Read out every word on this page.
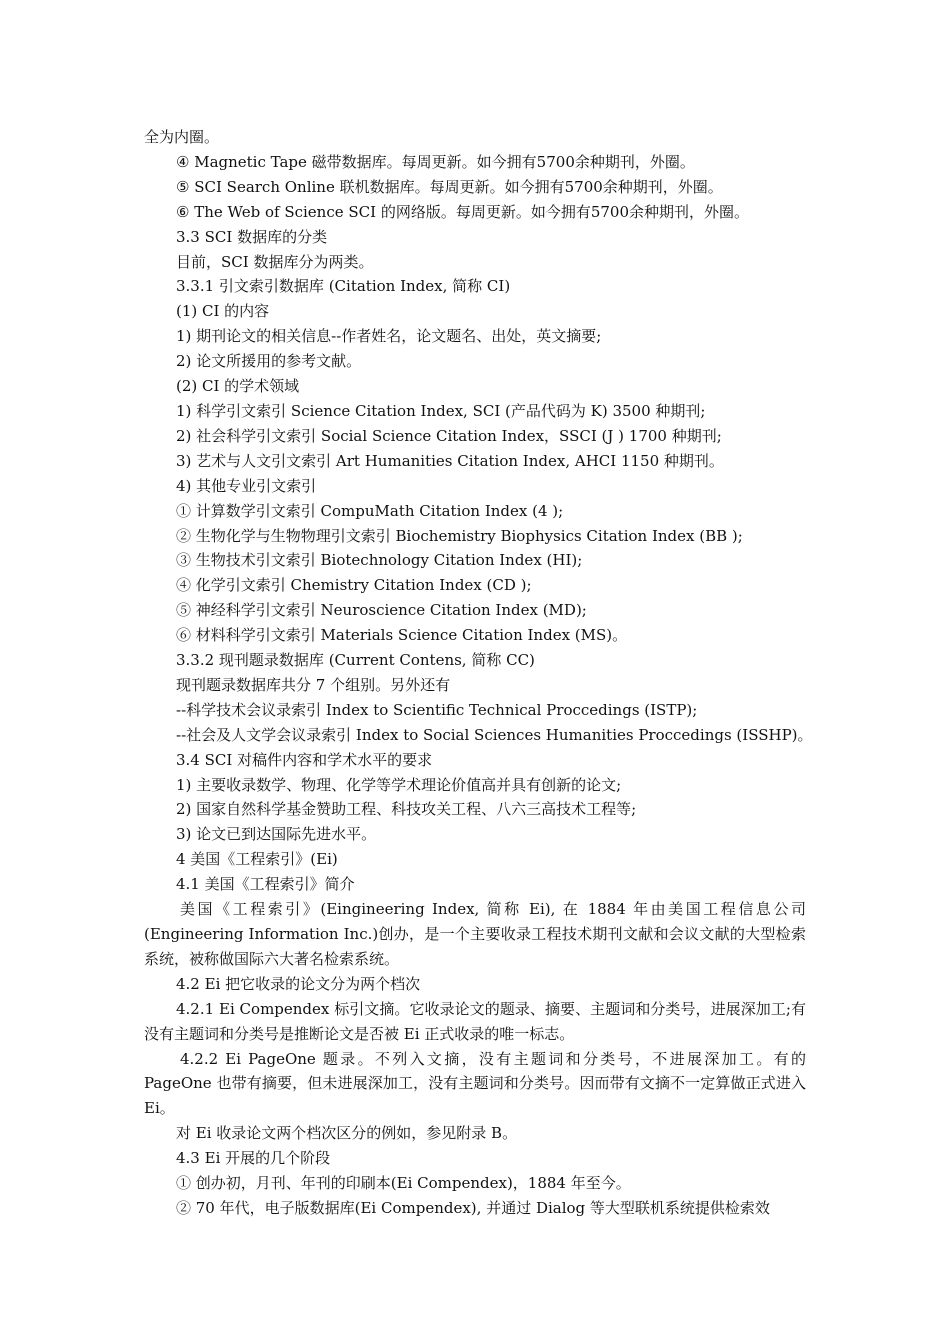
全为内圈。

④ Magnetic Tape 磁带数据库。每周更新。如今拥有5700余种期刊，外圈。

⑤ SCI Search Online 联机数据库。每周更新。如今拥有5700余种期刊，外圈。

⑥ The Web of Science SCI 的网络版。每周更新。如今拥有5700余种期刊，外圈。

3.3 SCI 数据库的分类

目前，SCI 数据库分为两类。

3.3.1 引文索引数据库 (Citation Index, 简称 CI)

(1) CI 的内容

1) 期刊论文的相关信息--作者姓名，论文题名、出处，英文摘要;

2) 论文所援用的参考文献。

(2) CI 的学术领域

1) 科学引文索引 Science Citation Index, SCI (产品代码为 K) 3500 种期刊;

2) 社会科学引文索引 Social Science Citation Index，SSCI (J ) 1700 种期刊;

3) 艺术与人文引文索引 Art Humanities Citation Index, AHCI 1150 种期刊。

4) 其他专业引文索引

① 计算数学引文索引 CompuMath Citation Index (4 );

② 生物化学与生物物理引文索引 Biochemistry Biophysics Citation Index (BB );

③ 生物技术引文索引 Biotechnology Citation Index (HI);

④ 化学引文索引 Chemistry Citation Index (CD );

⑤ 神经科学引文索引 Neuroscience Citation Index (MD);

⑥ 材料科学引文索引 Materials Science Citation Index (MS)。

3.3.2 现刊题录数据库 (Current Contens, 简称 CC)

现刊题录数据库共分 7 个组别。另外还有

--科学技术会议录索引 Index to Scientific Technical Proccedings (ISTP);

--社会及人文学会议录索引 Index to Social Sciences Humanities Proccedings (ISSHP)。

3.4 SCI 对稿件内容和学术水平的要求

1) 主要收录数学、物理、化学等学术理论价值高并具有创新的论文;

2) 国家自然科学基金赞助工程、科技攻关工程、八六三高技术工程等;

3) 论文已到达国际先进水平。

4 美国《工程索引》(Ei)

4.1 美国《工程索引》简介

美国《工程索引》(Eingineering Index, 简称 Ei), 在 1884 年由美国工程信息公司(Engineering Information Inc.)创办，是一个主要收录工程技术期刊文献和会议文献的大型检索系统，被称做国际六大著名检索系统。

4.2 Ei 把它收录的论文分为两个档次

4.2.1 Ei Compendex 标引文摘。它收录论文的题录、摘要、主题词和分类号，进展深加工;有没有主题词和分类号是推断论文是否被 Ei 正式收录的唯一标志。

4.2.2 Ei PageOne 题录。不列入文摘，没有主题词和分类号，不进展深加工。有的 PageOne 也带有摘要，但未进展深加工，没有主题词和分类号。因而带有文摘不一定算做正式进入 Ei。

对 Ei 收录论文两个档次区分的例如，参见附录 B。

4.3 Ei 开展的几个阶段

① 创办初，月刊、年刊的印刷本(Ei Compendex)，1884 年至今。

② 70 年代，电子版数据库(Ei Compendex), 并通过 Dialog 等大型联机系统提供检索效
